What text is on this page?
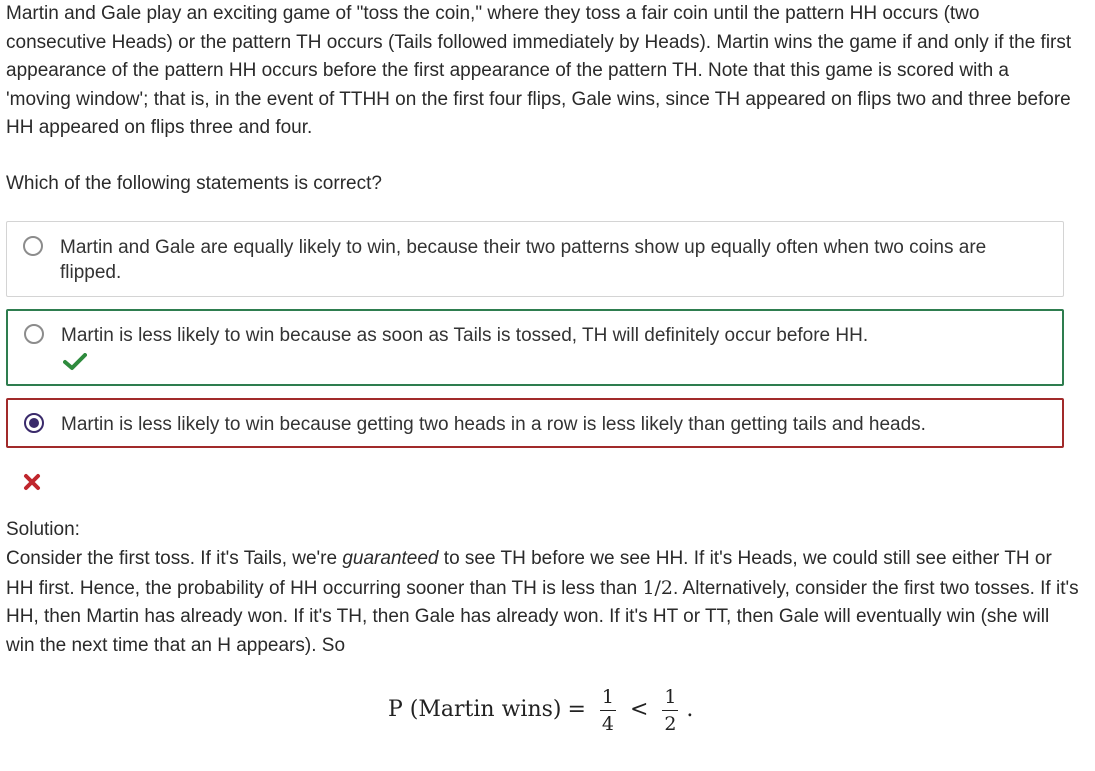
Martin and Gale play an exciting game of "toss the coin," where they toss a fair coin until the pattern HH occurs (two consecutive Heads) or the pattern TH occurs (Tails followed immediately by Heads). Martin wins the game if and only if the first appearance of the pattern HH occurs before the first appearance of the pattern TH. Note that this game is scored with a 'moving window'; that is, in the event of TTHH on the first four flips, Gale wins, since TH appeared on flips two and three before HH appeared on flips three and four.

Which of the following statements is correct?

Martin and Gale are equally likely to win, because their two patterns show up equally often when two coins are flipped.

Martin is less likely to win because as soon as Tails is tossed, TH will definitely occur before HH.

Martin is less likely to win because getting two heads in a row is less likely than getting tails and heads.

Solution:

Consider the first toss. If it's Tails, we're guaranteed to see TH before we see HH. If it's Heads, we could still see either TH or HH first. Hence, the probability of HH occurring sooner than TH is less than 1/2. Alternatively, consider the first two tosses. If it's HH, then Martin has already won. If it's TH, then Gale has already won. If it's HT or TT, then Gale will eventually win (she will win the next time that an H appears). So

P (Martin wins) = $\frac{1}{4} < \frac{1}{2}$ .
